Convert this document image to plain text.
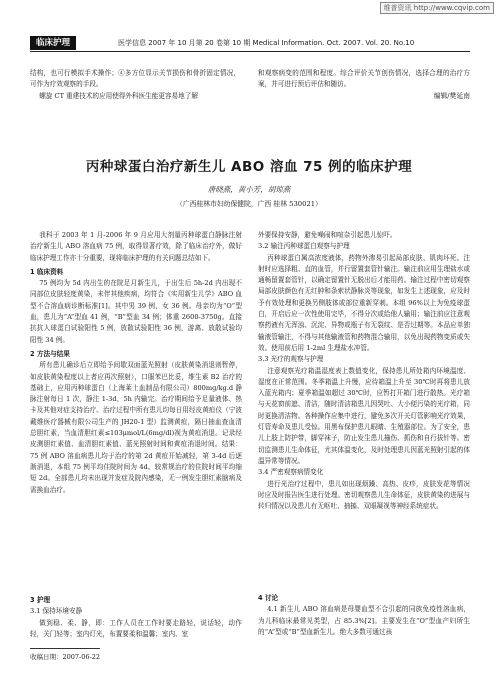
维普资讯 http://www.cqvip.com
临床护理	医学信息 2007 年 10 月第 20 卷第 10 期 Medical Information. Oct. 2007. Vol. 20. No.10

结构，也可行模拟手术操作；④多方位显示关节损伤和骨折固定情况，可作为疗效观察的手段。

螺旋 CT 重建技术的应用使得外科医生能更容易地了解

和观察病变的范围和程度。综合评价关节创伤情况，选择合理的治疗方案，并可进行预后评估和随访。

编辑/樊延南

丙种球蛋白治疗新生儿 ABO 溶血 75 例的临床护理
唐晓燕，黄小芳，胡琼燕
（广西桂林市妇幼保健院，广西 桂林 530021）

我科于 2003 年 1 月-2006 年 9 月应用大剂量丙种球蛋白静脉注射治疗新生儿 ABO 溶血病 75 例，取得显著疗效，除了临床治疗外，做好临床护理工作亦十分重要，现将临床护理的有关问题总结如下。

1 临床资料

75 例均为 5d 内出生的在院足月新生儿，于出生后 5h-2d 内出现不同部位皮肤轻度黄染，未伴其他疾病，均符合《实用新生儿学》ABO 血型不合溶血病诊断标准[1]。其中男 39 例，女 36 例。母亲均为“O”型血，患儿为“A”型血 41 例，“B”型血 34 例；体重 2600-3750g。直接抗抗人球蛋白试验阳性 5 例，放散试验阳性 36 例，游离、放散试验均阳性 34 例。

2 方法与结果

所有患儿确诊后立即给予间歇双面蓝光照射（皮肤黄染消退则暂停，如皮肤黄染程度以上者应再次照射），口服苯巴比妥，维生素 B2 治疗的基础上，应用丙种球蛋白（上海莱士血制品有限公司）800mg/kg.d 静脉注射每日 1 次，静注 1-3d，5h 内输完。治疗期间给予足量液体、热卡及其他对症支持治疗。治疗过程中所有患儿均每日用经皮黄疸仪（宁波戴维医疗器械有限公司生产的 JH20-1 型）监测黄疸，隔日抽血查血清总胆红素，当血清胆红素≤103μmol/L(6mg/dl)视为黄疸消退。记录经皮测胆红素值、血清胆红素值、蓝光照射时间和黄疸消退时间。结果：75 例 ABO 溶血病患儿均于治疗的第 2d 黄疸开始减轻，第 3-4d 后逐渐消退，本组 75 例平均住院时间为 4d。较常规治疗的住院时间平均缩短 2d。全部患儿均未出现并发症及院内感染，无一例发生胆红素脑病及需换血治疗。

3 护理

3.1 保持环境安静

做到稳、柔、静，即：工作人员在工作时要走路轻，说话轻，动作轻，关门轻等；室内灯光，布置要柔和温馨；室内、室

外要保持安静，避免噪闹和喧杂引起患儿惊吓。

3.2 输注丙种球蛋白观察与护理

丙种球蛋白属高浓度液体，药物外渗易引起局部皮肤、肌肉坏死。注射时应选择粗、直的血管，并行留置套管针输注。输注前应用生理盐水或通畅留置套管针，以确定留置针无脱出后才能用药。输注过程中密切观察局部皮肤颜色有无红肿和条索状静脉炎等现象，如发生上述现象，应及时予有效处理和更换另侧肢体或部位重新穿刺。本组 96%以上为免疫球蛋白，开启后应一次性使用完毕，不得分次或给他人输用；输注前应注意观察药液有无浑浊、沉淀、异物或瓶子有无裂纹、是否过期等。本品应单独输液管输注，不得与其他输液管和药物混合输用，以免出现药物变质或失效。使用前后用 1-2ml 生理盐水冲管。

3.3 光疗的观察与护理

注意观察光疗箱温湿度表上数值变化，保持患儿所处箱内环境温度、湿度在正常范围。冬季箱温上升慢，应待箱温上升至 30℃时再将患儿放入蓝光箱内；夏季箱温如超过 30℃时，应暂打开箱门进行散热。光疗箱与天花窗前遮、清洁，随时清洁箱患儿因哭吐、大小便污染的光疗箱，同时更换清洁物。各种操作应集中进行，避免多次开关灯管影响光疗效果，灯管寿命及患儿受惊。用黑布保护患儿眼睛、生殖器部位。为了安全，患儿上肢上防护带，脚穿袜子，防止发生患儿撞伤、抓伤和自行拔针等。密切监测患儿生命体征，尤其体温变化，及时处理患儿因蓝光照射引起的体温异常等情况。

3.4 严密观察病情变化

进行光治疗过程中，患儿如出现烦躁、高热、皮疹，皮肤发花等情况时应及时报告医生进行处理。密切观察患儿生命体征，皮肤黄染的进展与转归情况以及患儿有无呕吐、抽搐、双眼凝视等神经系统症状。

4 讨论

4.1 新生儿 ABO 溶血病是母婴血型不合引起的同族免疫性溶血病，为儿科临床最常见类型，占 85.3%[2]。主要发生在“O”型血产妇所生的“A”型或“B”型血新生儿。绝大多数可通过孩

收稿日期：2007-06-22
